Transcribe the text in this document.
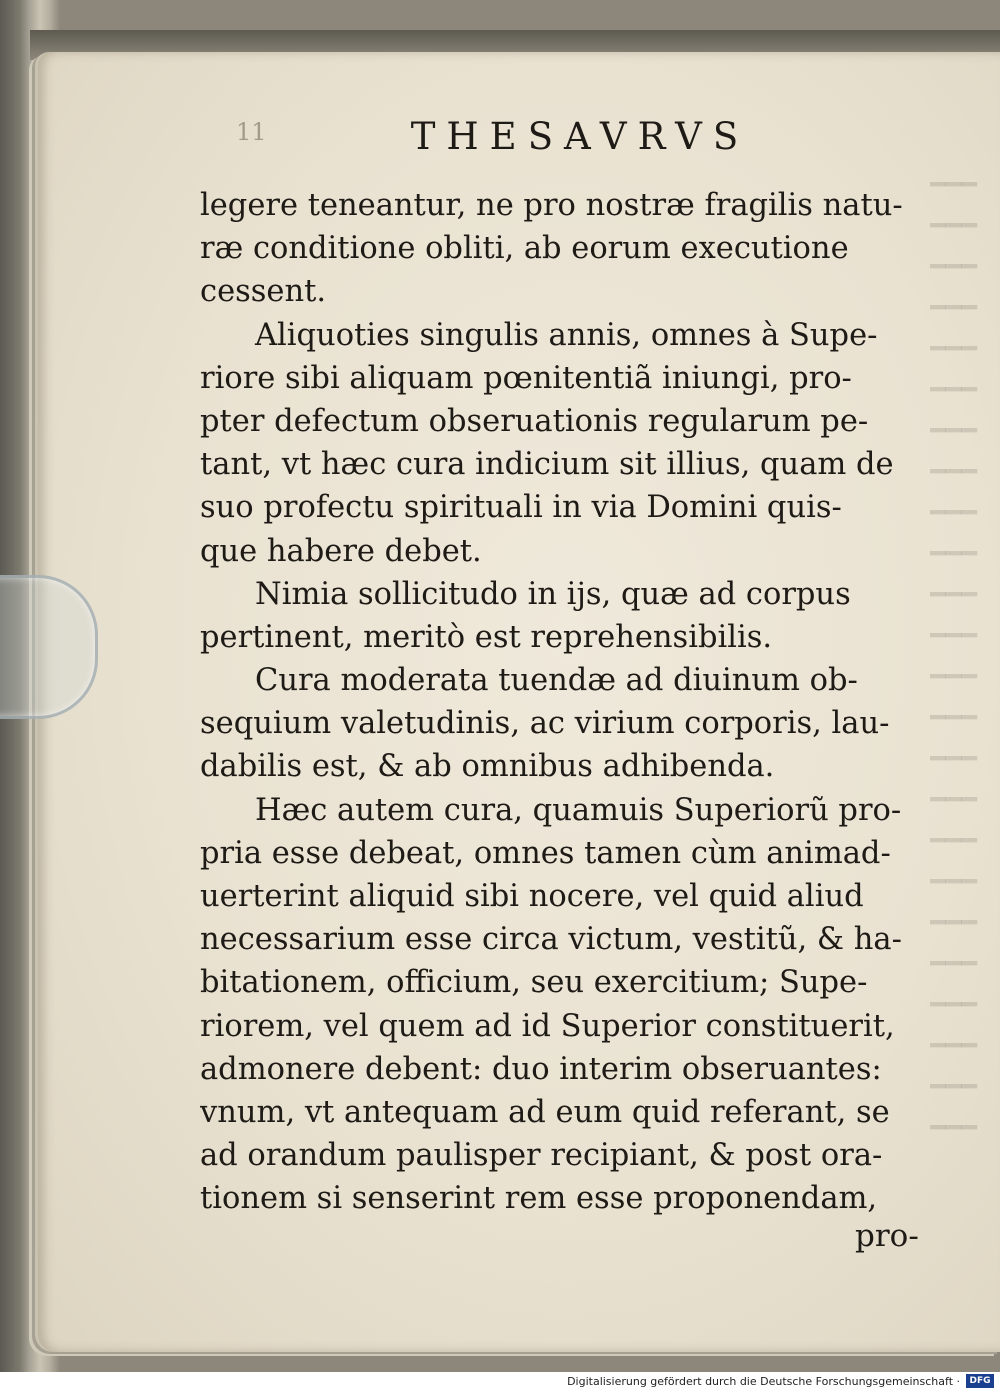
━━━
━━━
━━━
━━━
━━━
━━━
━━━
━━━
━━━
━━━
━━━
━━━
━━━
━━━
━━━
━━━
━━━
━━━
━━━
━━━
━━━
━━━
━━━
━━━
11	THESAVRVS
legere teneantur, ne pro nostræ fragilis natu-
ræ conditione obliti, ab eorum executione
cessent.
Aliquoties singulis annis, omnes à Supe-
riore sibi aliquam pœnitentiã iniungi, pro-
pter defectum obseruationis regularum pe-
tant, vt hæc cura indicium sit illius, quam de
suo profectu spirituali in via Domini quis-
que habere debet.
Nimia sollicitudo in ijs, quæ ad corpus
pertinent, meritò est reprehensibilis.
Cura moderata tuendæ ad diuinum ob-
sequium valetudinis, ac virium corporis, lau-
dabilis est, & ab omnibus adhibenda.
Hæc autem cura, quamuis Superiorũ pro-
pria esse debeat, omnes tamen cùm animad-
uerterint aliquid sibi nocere, vel quid aliud
necessarium esse circa victum, vestitũ, & ha-
bitationem, officium, seu exercitium; Supe-
riorem, vel quem ad id Superior constituerit,
admonere debent: duo interim obseruantes:
vnum, vt antequam ad eum quid referant, se
ad orandum paulisper recipiant, & post ora-
tionem si senserint rem esse proponendam,
pro-
Digitalisierung gefördert durch die Deutsche Forschungsgemeinschaft ·	DFG
